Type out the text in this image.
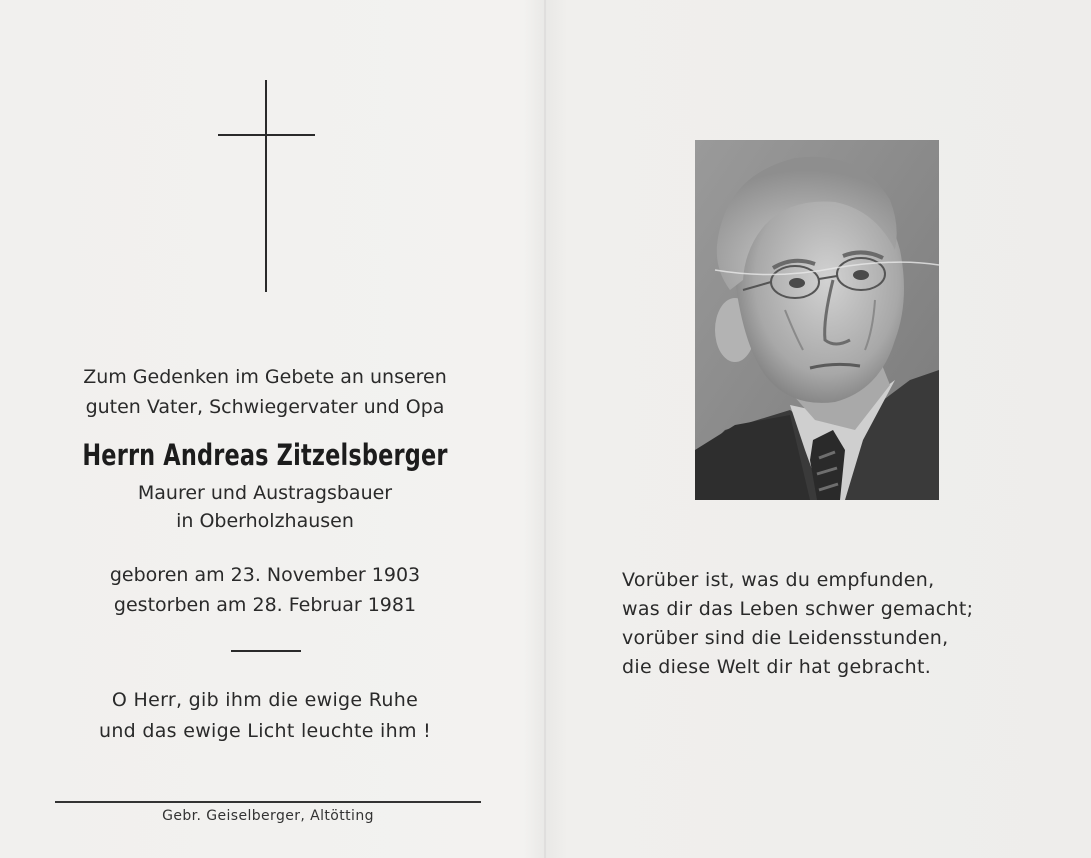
Zum Gedenken im Gebete an unseren
guten Vater, Schwiegervater und Opa
Herrn Andreas Zitzelsberger
Maurer und Austragsbauer
in Oberholzhausen
geboren am 23. November 1903
gestorben am 28. Februar 1981
O Herr, gib ihm die ewige Ruhe
und das ewige Licht leuchte ihm !
Gebr. Geiselberger, Altötting
Vorüber ist, was du empfunden,
was dir das Leben schwer gemacht;
vorüber sind die Leidensstunden,
die diese Welt dir hat gebracht.
